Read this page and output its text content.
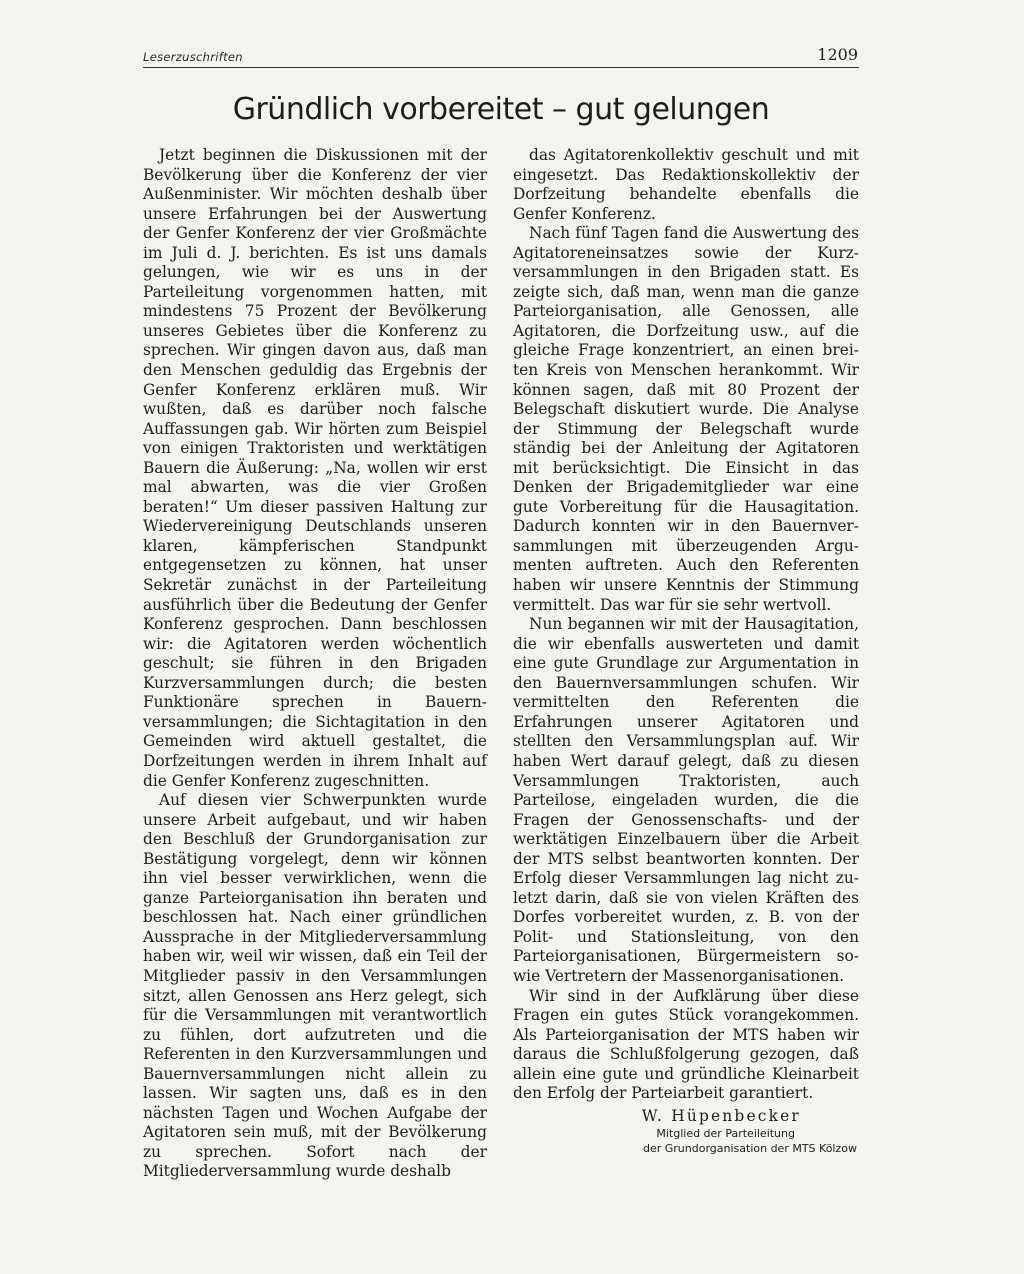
Leserzuschriften	1209
Gründlich vorbereitet – gut gelungen

Jetzt beginnen die Diskussionen mit der Bevölkerung über die Konferenz der vier Außenminister. Wir möchten deshalb über unsere Erfahrungen bei der Auswertung der Genfer Konferenz der vier Großmächte im Juli d. J. berichten. Es ist uns damals gelungen, wie wir es uns in der Parteileitung vorgenommen hatten, mit mindestens 75 Prozent der Bevölkerung unseres Gebietes über die Konferenz zu sprechen. Wir gingen davon aus, daß man den Menschen geduldig das Ergebnis der Genfer Konferenz erklären muß. Wir wußten, daß es darüber noch falsche Auffassungen gab. Wir hörten zum Beispiel von einigen Traktoristen und werktätigen Bauern die Äußerung: „Na, wollen wir erst mal abwarten, was die vier Großen beraten!“ Um dieser passiven Haltung zur Wiedervereinigung Deutschlands unseren klaren, kämpferischen Standpunkt entgegensetzen zu können, hat unser Sekretär zunächst in der Parteileitung ausführlich über die Bedeutung der Genfer Konferenz gesprochen. Dann beschlossen wir: die Agitatoren werden wöchentlich geschult; sie führen in den Brigaden Kurzversammlungen durch; die besten Funktionäre sprechen in Bauernversammlungen; die Sichtagitation in den Gemeinden wird aktuell gestaltet, die Dorfzeitungen werden in ihrem Inhalt auf die Genfer Konferenz zugeschnitten.

Auf diesen vier Schwerpunkten wurde unsere Arbeit aufgebaut, und wir haben den Beschluß der Grundorganisation zur Bestätigung vorgelegt, denn wir können ihn viel besser verwirklichen, wenn die ganze Parteiorganisation ihn beraten und beschlossen hat. Nach einer gründlichen Aussprache in der Mitgliederversammlung haben wir, weil wir wissen, daß ein Teil der Mitglieder passiv in den Versammlungen sitzt, allen Genossen ans Herz gelegt, sich für die Versammlungen mit verantwortlich zu fühlen, dort aufzutreten und die Referenten in den Kurzversammlungen und Bauernversammlungen nicht allein zu lassen. Wir sagten uns, daß es in den nächsten Tagen und Wochen Aufgabe der Agitatoren sein muß, mit der Bevölkerung zu sprechen. Sofort nach der Mitgliederversammlung wurde deshalb

das Agitatorenkollektiv geschult und mit eingesetzt. Das Redaktionskollektiv der Dorfzeitung behandelte ebenfalls die Genfer Konferenz.

Nach fünf Tagen fand die Auswertung des Agitatoreneinsatzes sowie der Kurzversammlungen in den Brigaden statt. Es zeigte sich, daß man, wenn man die ganze Parteiorganisation, alle Genossen, alle Agitatoren, die Dorfzeitung usw., auf die gleiche Frage konzentriert, an einen breiten Kreis von Menschen herankommt. Wir können sagen, daß mit 80 Prozent der Belegschaft diskutiert wurde. Die Analyse der Stimmung der Belegschaft wurde ständig bei der Anleitung der Agitatoren mit berücksichtigt. Die Einsicht in das Denken der Brigademitglieder war eine gute Vorbereitung für die Hausagitation. Dadurch konnten wir in den Bauernversammlungen mit überzeugenden Argumenten auftreten. Auch den Referenten haben wir unsere Kenntnis der Stimmung vermittelt. Das war für sie sehr wertvoll.

Nun begannen wir mit der Hausagitation, die wir ebenfalls auswerteten und damit eine gute Grundlage zur Argumentation in den Bauernversammlungen schufen. Wir vermittelten den Referenten die Erfahrungen unserer Agitatoren und stellten den Versammlungsplan auf. Wir haben Wert darauf gelegt, daß zu diesen Versammlungen Traktoristen, auch Parteilose, eingeladen wurden, die die Fragen der Genossenschafts- und der werktätigen Einzelbauern über die Arbeit der MTS selbst beantworten konnten. Der Erfolg dieser Versammlungen lag nicht zuletzt darin, daß sie von vielen Kräften des Dorfes vorbereitet wurden, z. B. von der Polit- und Stationsleitung, von den Parteiorganisationen, Bürgermeistern sowie Vertretern der Massenorganisationen.

Wir sind in der Aufklärung über diese Fragen ein gutes Stück vorangekommen. Als Parteiorganisation der MTS haben wir daraus die Schlußfolgerung gezogen, daß allein eine gute und gründliche Kleinarbeit den Erfolg der Parteiarbeit garantiert.

W. Hüpenbecker
Mitglied der Parteileitung
der Grundorganisation der MTS Kölzow
